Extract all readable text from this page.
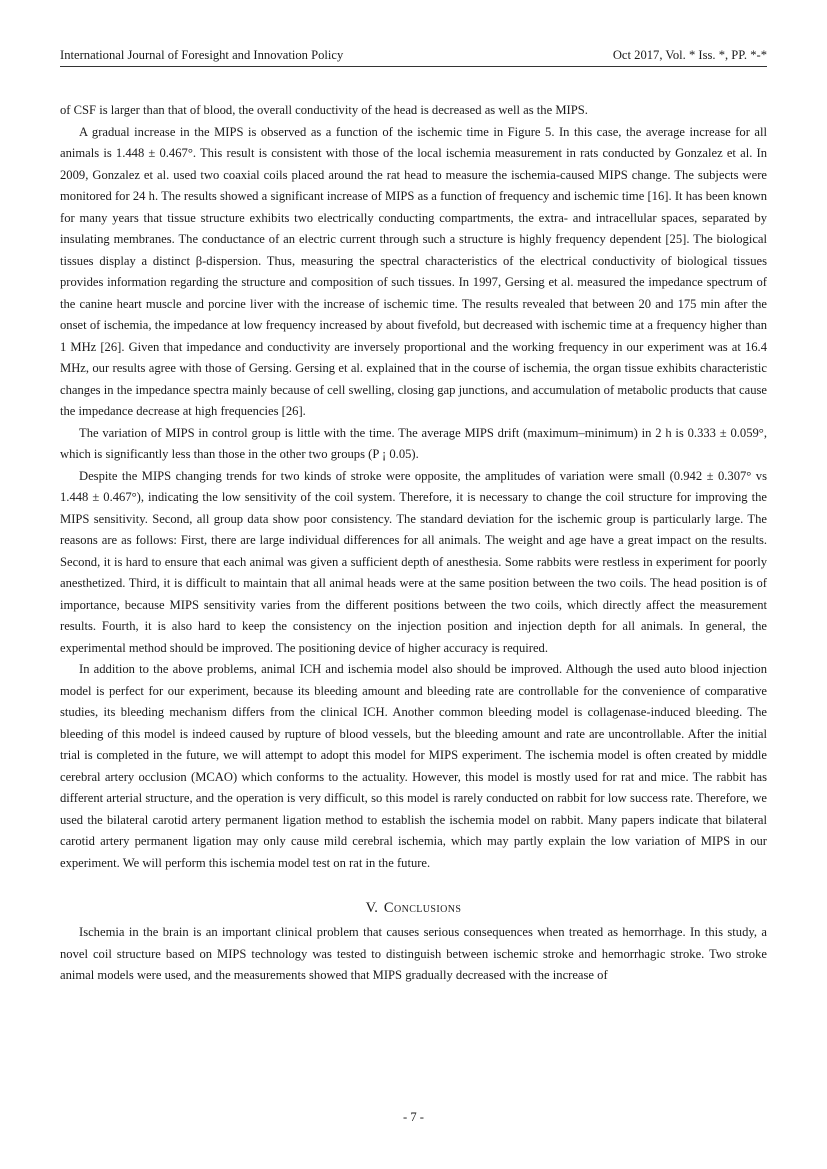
International Journal of Foresight and Innovation Policy	Oct 2017, Vol. * Iss. *, PP. *-*

of CSF is larger than that of blood, the overall conductivity of the head is decreased as well as the MIPS.

A gradual increase in the MIPS is observed as a function of the ischemic time in Figure 5. In this case, the average increase for all animals is 1.448 ± 0.467°. This result is consistent with those of the local ischemia measurement in rats conducted by Gonzalez et al. In 2009, Gonzalez et al. used two coaxial coils placed around the rat head to measure the ischemia-caused MIPS change. The subjects were monitored for 24 h. The results showed a significant increase of MIPS as a function of frequency and ischemic time [16]. It has been known for many years that tissue structure exhibits two electrically conducting compartments, the extra- and intracellular spaces, separated by insulating membranes. The conductance of an electric current through such a structure is highly frequency dependent [25]. The biological tissues display a distinct β-dispersion. Thus, measuring the spectral characteristics of the electrical conductivity of biological tissues provides information regarding the structure and composition of such tissues. In 1997, Gersing et al. measured the impedance spectrum of the canine heart muscle and porcine liver with the increase of ischemic time. The results revealed that between 20 and 175 min after the onset of ischemia, the impedance at low frequency increased by about fivefold, but decreased with ischemic time at a frequency higher than 1 MHz [26]. Given that impedance and conductivity are inversely proportional and the working frequency in our experiment was at 16.4 MHz, our results agree with those of Gersing. Gersing et al. explained that in the course of ischemia, the organ tissue exhibits characteristic changes in the impedance spectra mainly because of cell swelling, closing gap junctions, and accumulation of metabolic products that cause the impedance decrease at high frequencies [26].

The variation of MIPS in control group is little with the time. The average MIPS drift (maximum–minimum) in 2 h is 0.333 ± 0.059°, which is significantly less than those in the other two groups (P ¡ 0.05).

Despite the MIPS changing trends for two kinds of stroke were opposite, the amplitudes of variation were small (0.942 ± 0.307° vs 1.448 ± 0.467°), indicating the low sensitivity of the coil system. Therefore, it is necessary to change the coil structure for improving the MIPS sensitivity. Second, all group data show poor consistency. The standard deviation for the ischemic group is particularly large. The reasons are as follows: First, there are large individual differences for all animals. The weight and age have a great impact on the results. Second, it is hard to ensure that each animal was given a sufficient depth of anesthesia. Some rabbits were restless in experiment for poorly anesthetized. Third, it is difficult to maintain that all animal heads were at the same position between the two coils. The head position is of importance, because MIPS sensitivity varies from the different positions between the two coils, which directly affect the measurement results. Fourth, it is also hard to keep the consistency on the injection position and injection depth for all animals. In general, the experimental method should be improved. The positioning device of higher accuracy is required.

In addition to the above problems, animal ICH and ischemia model also should be improved. Although the used auto blood injection model is perfect for our experiment, because its bleeding amount and bleeding rate are controllable for the convenience of comparative studies, its bleeding mechanism differs from the clinical ICH. Another common bleeding model is collagenase-induced bleeding. The bleeding of this model is indeed caused by rupture of blood vessels, but the bleeding amount and rate are uncontrollable. After the initial trial is completed in the future, we will attempt to adopt this model for MIPS experiment. The ischemia model is often created by middle cerebral artery occlusion (MCAO) which conforms to the actuality. However, this model is mostly used for rat and mice. The rabbit has different arterial structure, and the operation is very difficult, so this model is rarely conducted on rabbit for low success rate. Therefore, we used the bilateral carotid artery permanent ligation method to establish the ischemia model on rabbit. Many papers indicate that bilateral carotid artery permanent ligation may only cause mild cerebral ischemia, which may partly explain the low variation of MIPS in our experiment. We will perform this ischemia model test on rat in the future.

V. Conclusions

Ischemia in the brain is an important clinical problem that causes serious consequences when treated as hemorrhage. In this study, a novel coil structure based on MIPS technology was tested to distinguish between ischemic stroke and hemorrhagic stroke. Two stroke animal models were used, and the measurements showed that MIPS gradually decreased with the increase of

- 7 -
